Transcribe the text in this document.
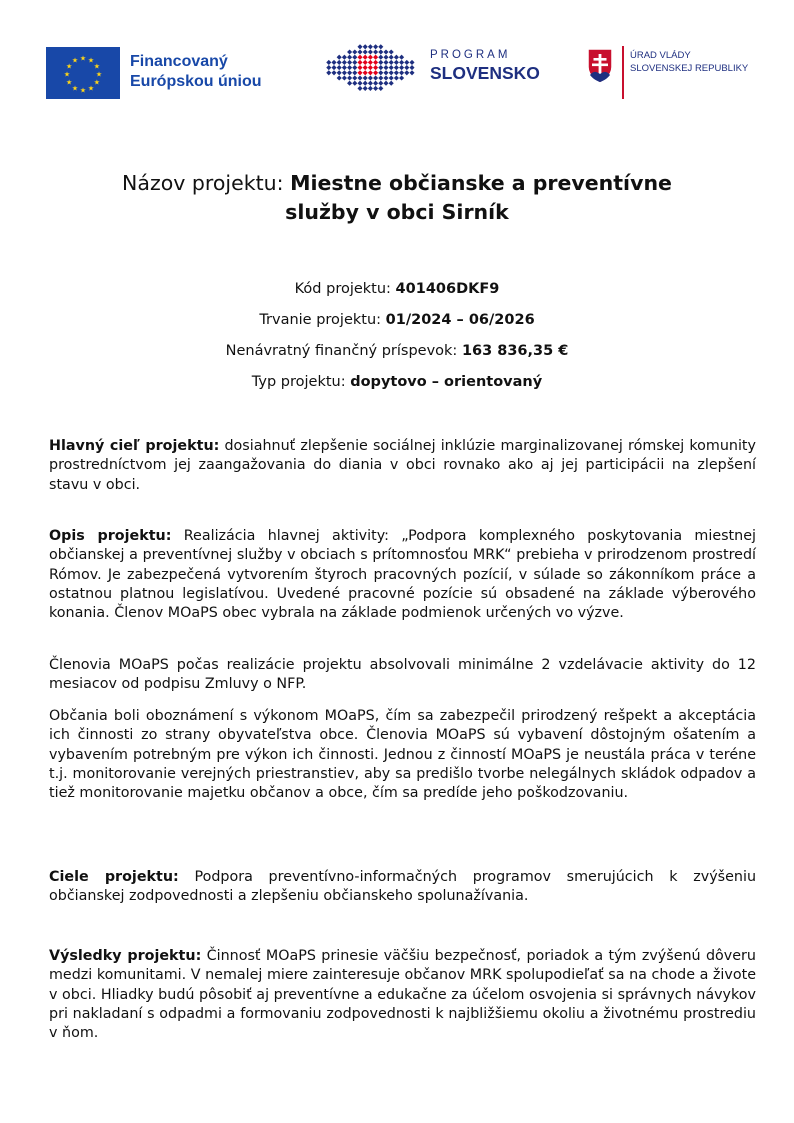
★ ★
★
★
★
★
★
★
★
★
★
★	Financovaný
Európskou úniou
PROGRAM
SLOVENSKO
ÚRAD VLÁDY
SLOVENSKEJ REPUBLIKY
Názov projektu: Miestne občianske a preventívne
služby v obci Sirník
Kód projektu: 401406DKF9
Trvanie projektu: 01/2024 – 06/2026
Nenávratný finančný príspevok: 163 836,35 €
Typ projektu: dopytovo – orientovaný
Hlavný cieľ projektu: dosiahnuť zlepšenie sociálnej inklúzie marginalizovanej rómskej komunity prostredníctvom jej zaangažovania do diania v obci rovnako ako aj jej participácii na zlepšení stavu v obci.
Opis projektu: Realizácia hlavnej aktivity: „Podpora komplexného poskytovania miestnej občianskej a preventívnej služby v obciach s prítomnosťou MRK“ prebieha v prirodzenom prostredí Rómov. Je zabezpečená vytvorením štyroch pracovných pozícií, v súlade so zákonníkom práce a ostatnou platnou legislatívou. Uvedené pracovné pozície sú obsadené na základe výberového konania. Členov MOaPS obec vybrala na základe podmienok určených vo výzve.
Členovia MOaPS počas realizácie projektu absolvovali minimálne 2 vzdelávacie aktivity do 12 mesiacov od podpisu Zmluvy o NFP.
Občania boli oboznámení s výkonom MOaPS, čím sa zabezpečil prirodzený rešpekt a akceptácia ich činnosti zo strany obyvateľstva obce. Členovia MOaPS sú vybavení dôstojným ošatením a vybavením potrebným pre výkon ich činnosti. Jednou z činností MOaPS je neustála práca v teréne t.j. monitorovanie verejných priestranstiev, aby sa predišlo tvorbe nelegálnych skládok odpadov a tiež monitorovanie majetku občanov a obce, čím sa predíde jeho poškodzovaniu.
Ciele projektu: Podpora preventívno-informačných programov smerujúcich k zvýšeniu občianskej zodpovednosti a zlepšeniu občianskeho spolunažívania.
Výsledky projektu: Činnosť MOaPS prinesie väčšiu bezpečnosť, poriadok a tým zvýšenú dôveru medzi komunitami. V nemalej miere zainteresuje občanov MRK spolupodieľať sa na chode a živote v obci. Hliadky budú pôsobiť aj preventívne a edukačne za účelom osvojenia si správnych návykov pri nakladaní s odpadmi a formovaniu zodpovednosti k najbližšiemu okoliu a životnému prostrediu v ňom.
